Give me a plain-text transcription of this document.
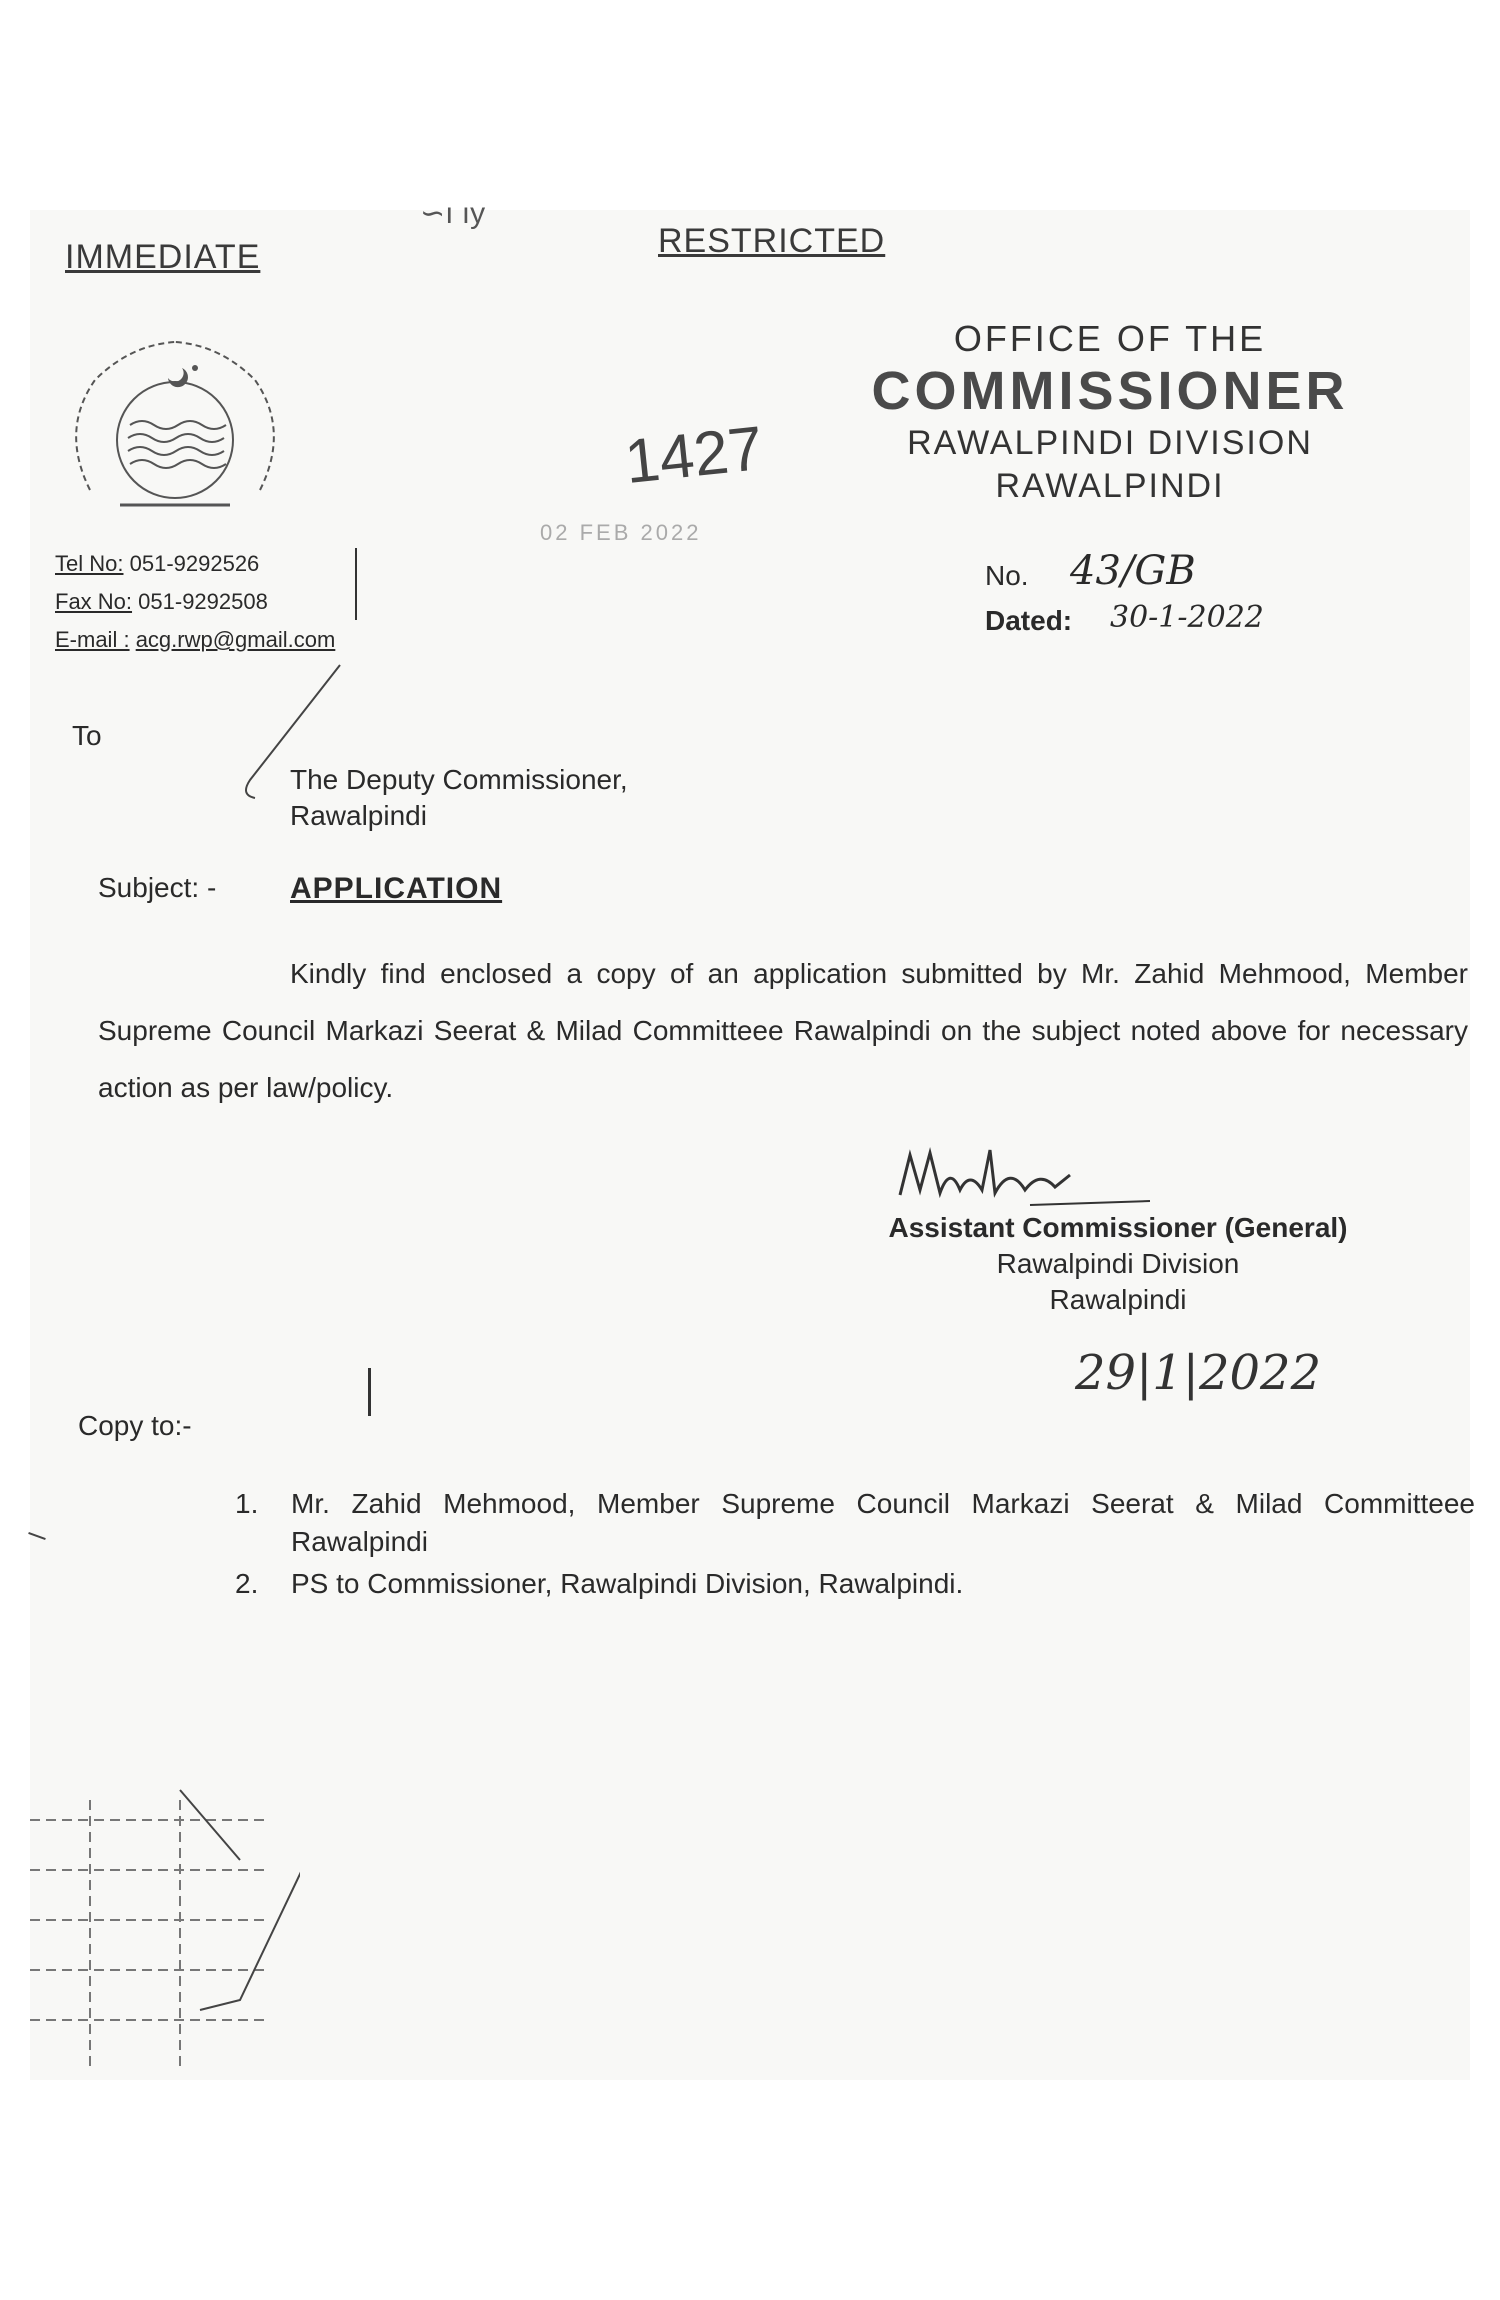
∽ı ıy
IMMEDIATE	RESTRICTED
OFFICE OF THE
COMMISSIONER
RAWALPINDI DIVISION
RAWALPINDI
1427
02 FEB 2022
Tel No: 051-9292526
Fax No: 051-9292508
E-mail : acg.rwp@gmail.com
No. 43/GB
Dated: 30-1-2022
To
The Deputy Commissioner,
Rawalpindi
Subject: - APPLICATION
Kindly find enclosed a copy of an application submitted by Mr. Zahid Mehmood, Member Supreme Council Markazi Seerat & Milad Committeee Rawalpindi on the subject noted above for necessary action as per law/policy.
Assistant Commissioner (General)
Rawalpindi Division
Rawalpindi
29|1|2022
Copy to:-
1.	Mr. Zahid Mehmood, Member Supreme Council Markazi Seerat & Milad Committeee Rawalpindi
2.	PS to Commissioner, Rawalpindi Division, Rawalpindi.
